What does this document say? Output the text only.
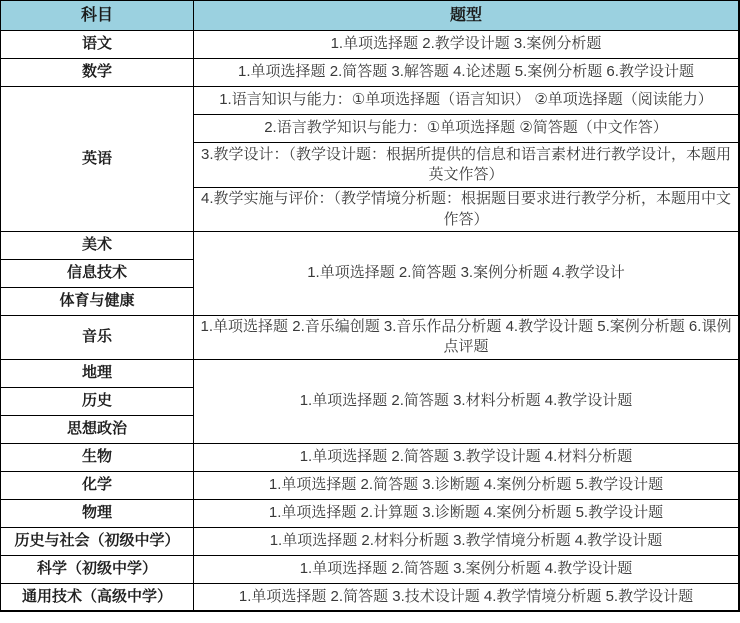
科目	题型
语文	1.单项选择题 2.教学设计题 3.案例分析题
数学	1.单项选择题 2.简答题 3.解答题 4.论述题 5.案例分析题 6.教学设计题
英语	1.语言知识与能力：①单项选择题（语言知识） ②单项选择题（阅读能力）
	2.语言教学知识与能力：①单项选择题 ②简答题（中文作答）
	3.教学设计：（教学设计题：根据所提供的信息和语言素材进行教学设计，本题用英文作答）
	4.教学实施与评价：（教学情境分析题：根据题目要求进行教学分析，本题用中文作答）
美术	1.单项选择题 2.简答题 3.案例分析题 4.教学设计
信息技术	
体育与健康	
音乐	1.单项选择题 2.音乐编创题 3.音乐作品分析题 4.教学设计题 5.案例分析题 6.课例点评题
地理	1.单项选择题 2.简答题 3.材料分析题 4.教学设计题
历史	
思想政治	
生物	1.单项选择题 2.简答题 3.教学设计题 4.材料分析题
化学	1.单项选择题 2.简答题 3.诊断题 4.案例分析题 5.教学设计题
物理	1.单项选择题 2.计算题 3.诊断题 4.案例分析题 5.教学设计题
历史与社会（初级中学）	1.单项选择题 2.材料分析题 3.教学情境分析题 4.教学设计题
科学（初级中学）	1.单项选择题 2.简答题 3.案例分析题 4.教学设计题
通用技术（高级中学）	1.单项选择题 2.简答题 3.技术设计题 4.教学情境分析题 5.教学设计题
